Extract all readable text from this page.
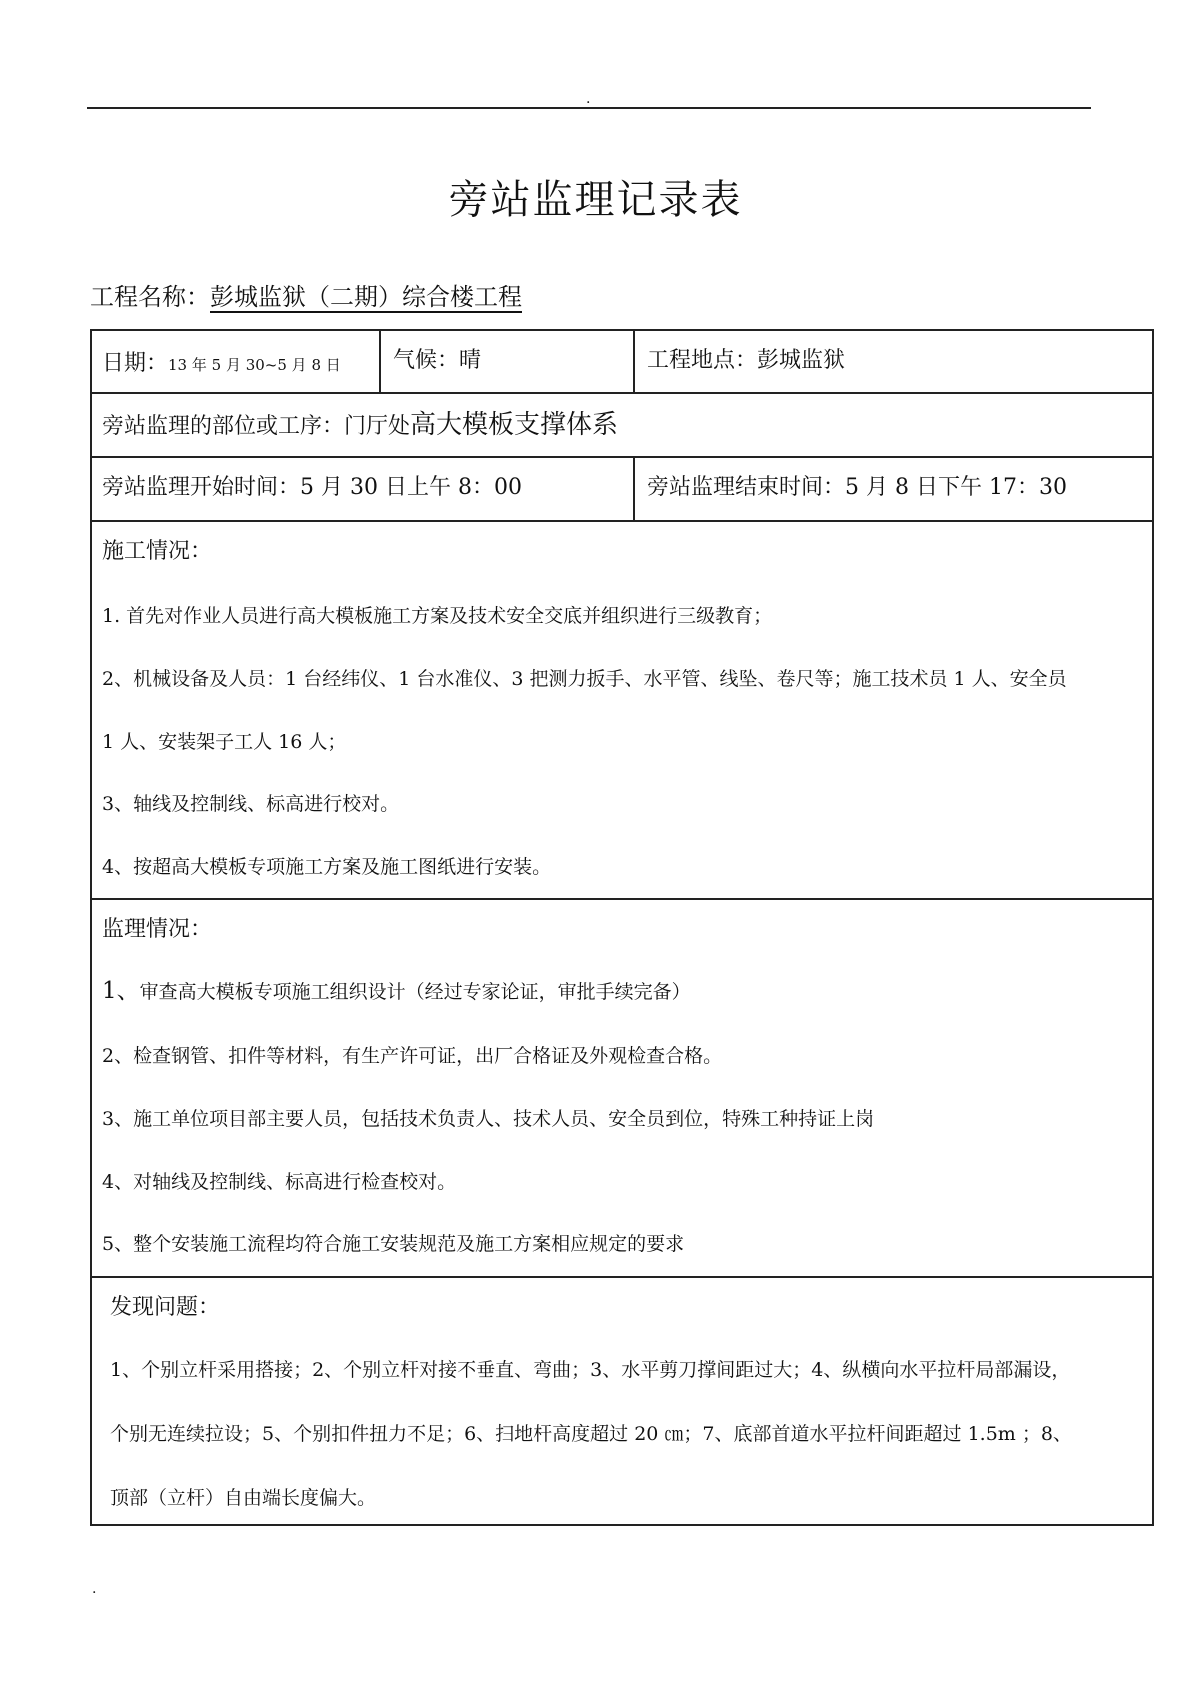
.
旁站监理记录表
工程名称：彭城监狱（二期）综合楼工程
日期：13 年 5 月 30~5 月 8 日 气候：晴	工程地点：彭城监狱
旁站监理的部位或工序：门厅处高大模板支撑体系
旁站监理开始时间：5 月 30 日上午 8：00	旁站监理结束时间：5 月 8 日下午 17：30
施工情况：
1. 首先对作业人员进行高大模板施工方案及技术安全交底并组织进行三级教育；
2、机械设备及人员：1 台经纬仪、1 台水准仪、3 把测力扳手、水平管、线坠、卷尺等；施工技术员 1 人、安全员
1 人、安装架子工人 16 人；
3、轴线及控制线、标高进行校对。
4、按超高大模板专项施工方案及施工图纸进行安装。
监理情况：
1、审查高大模板专项施工组织设计（经过专家论证，审批手续完备）
2、检查钢管、扣件等材料，有生产许可证，出厂合格证及外观检查合格。
3、施工单位项目部主要人员，包括技术负责人、技术人员、安全员到位，特殊工种持证上岗
4、对轴线及控制线、标高进行检查校对。
5、整个安装施工流程均符合施工安装规范及施工方案相应规定的要求
发现问题：
1、个别立杆采用搭接；2、个别立杆对接不垂直、弯曲；3、水平剪刀撑间距过大；4、纵横向水平拉杆局部漏设，
个别无连续拉设；5、个别扣件扭力不足；6、扫地杆高度超过 20 ㎝；7、底部首道水平拉杆间距超过 1.5m ；8、
顶部（立杆）自由端长度偏大。
.
